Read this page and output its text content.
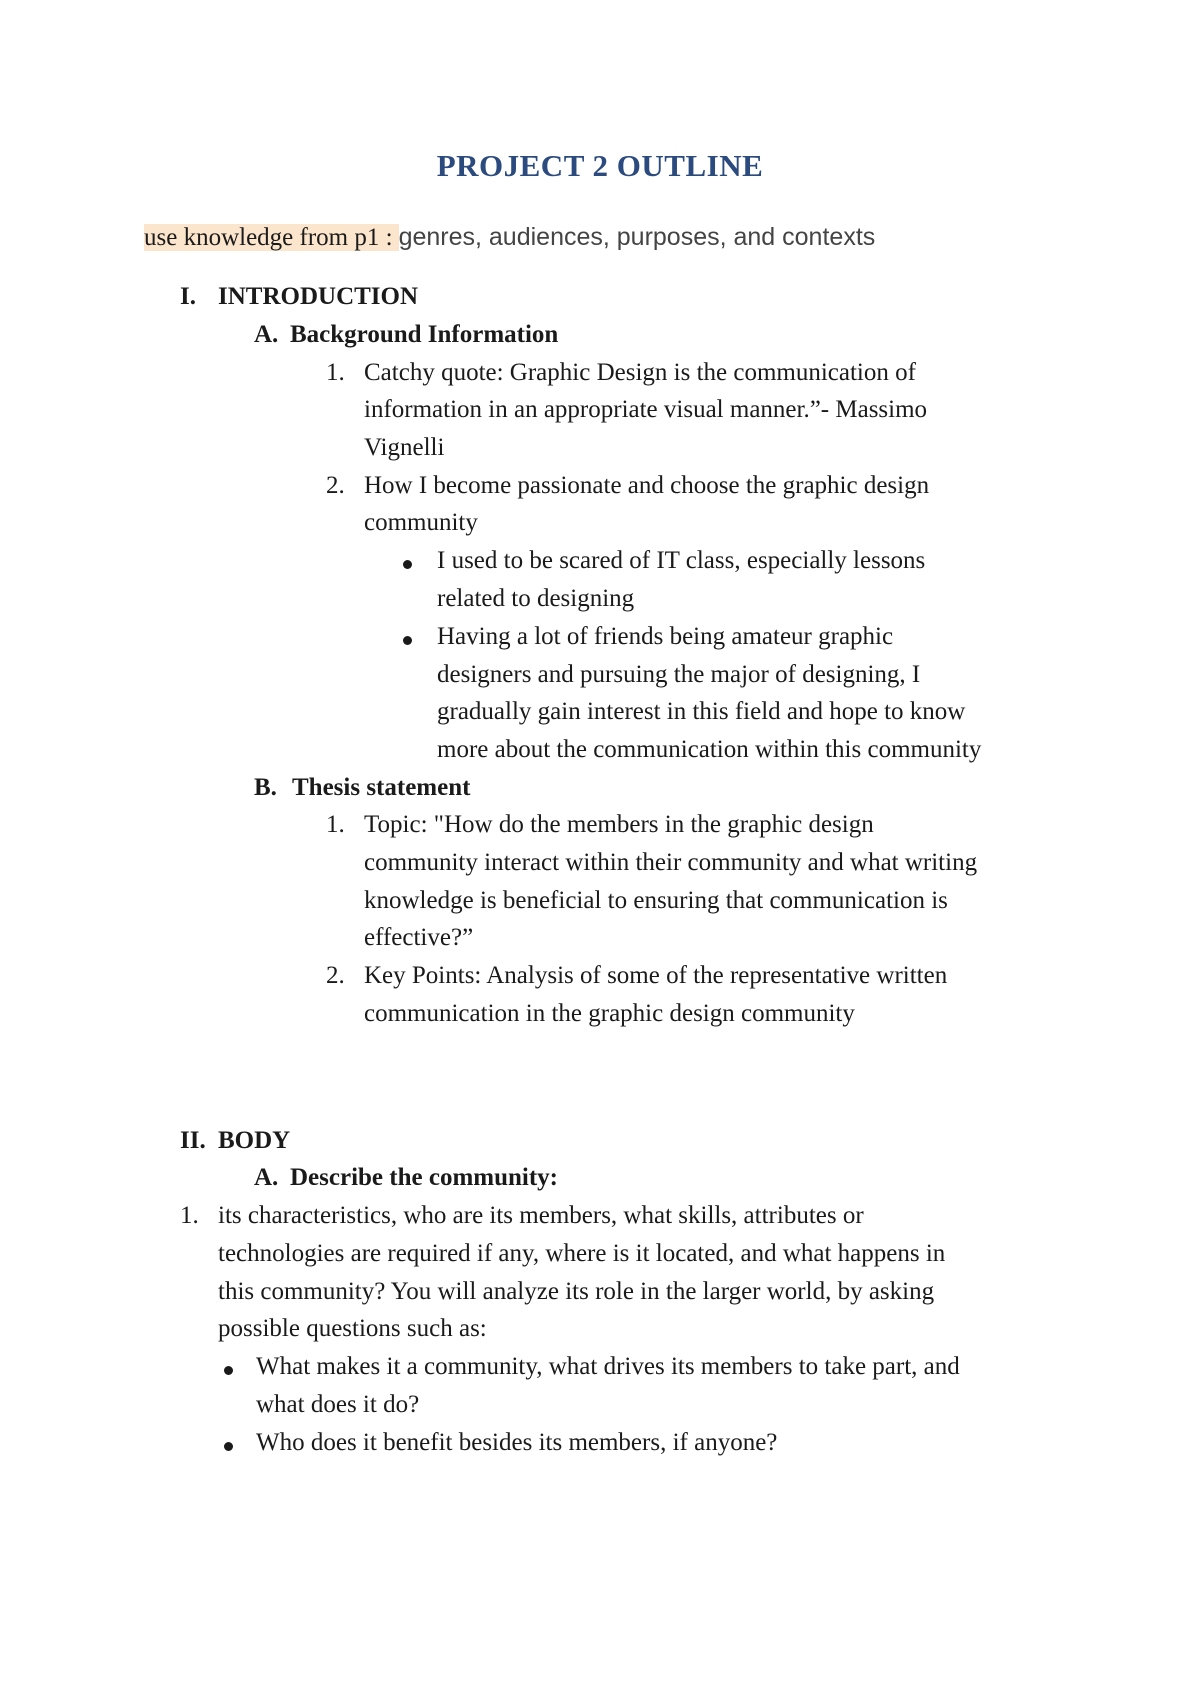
PROJECT 2 OUTLINE
use knowledge from p1 : genres, audiences, purposes, and contexts
I. INTRODUCTION
A. Background Information
1. Catchy quote: Graphic Design is the communication of
information in an appropriate visual manner.”- Massimo
Vignelli
2. How I become passionate and choose the graphic design
community
I used to be scared of IT class, especially lessons
related to designing
Having a lot of friends being amateur graphic
designers and pursuing the major of designing, I
gradually gain interest in this field and hope to know
more about the communication within this community
B. Thesis statement
1. Topic: "How do the members in the graphic design
community interact within their community and what writing
knowledge is beneficial to ensuring that communication is
effective?”
2. Key Points: Analysis of some of the representative written
communication in the graphic design community
II. BODY
A. Describe the community:
1. its characteristics, who are its members, what skills, attributes or
technologies are required if any, where is it located, and what happens in
this community? You will analyze its role in the larger world, by asking
possible questions such as:
What makes it a community, what drives its members to take part, and
what does it do?
Who does it benefit besides its members, if anyone?
